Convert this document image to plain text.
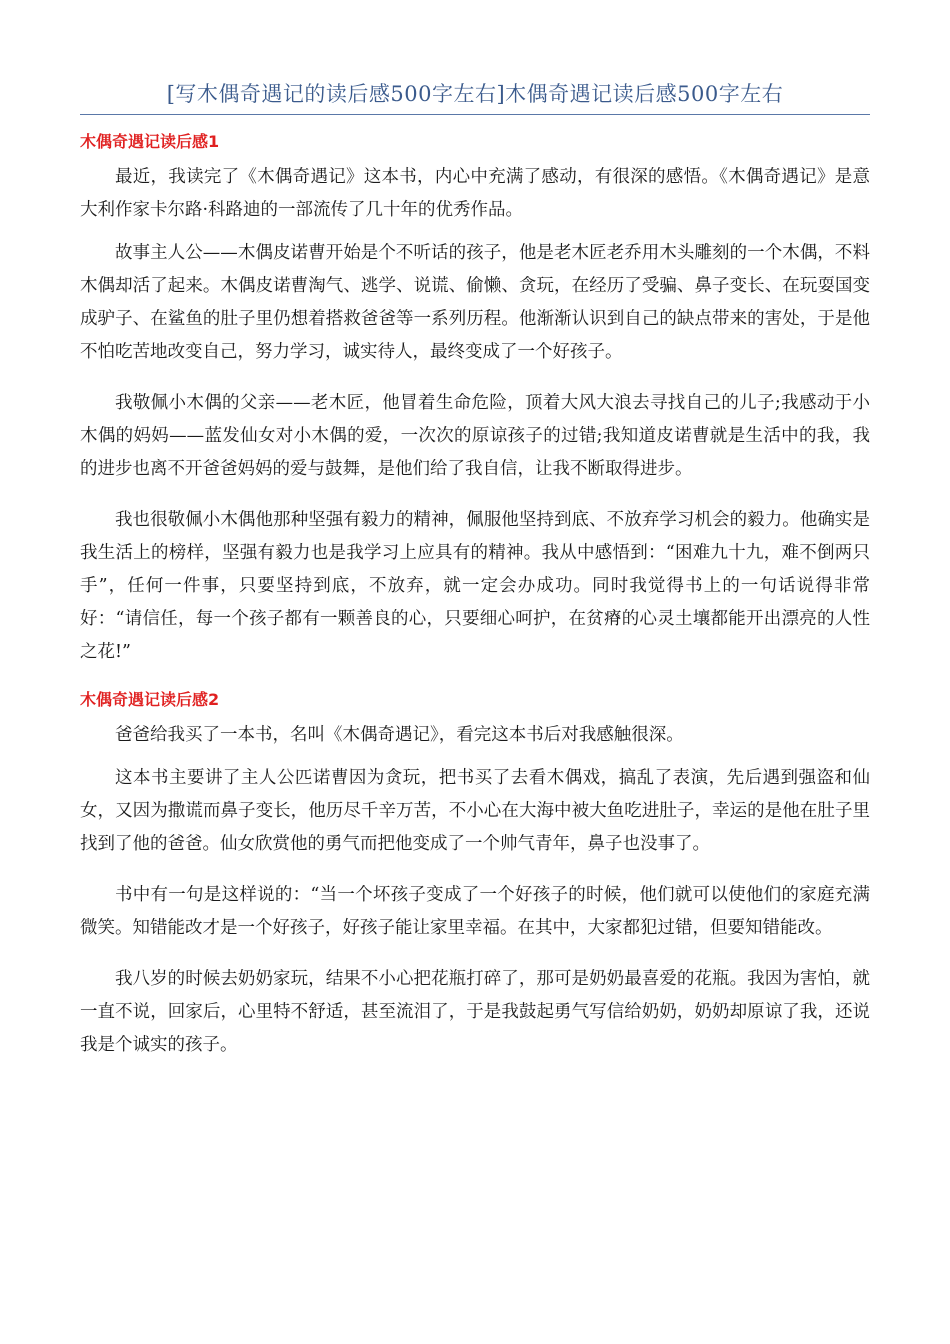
[写木偶奇遇记的读后感500字左右]木偶奇遇记读后感500字左右
木偶奇遇记读后感1

最近，我读完了《木偶奇遇记》这本书，内心中充满了感动，有很深的感悟。《木偶奇遇记》是意大利作家卡尔路·科路迪的一部流传了几十年的优秀作品。

故事主人公——木偶皮诺曹开始是个不听话的孩子，他是老木匠老乔用木头雕刻的一个木偶，不料木偶却活了起来。木偶皮诺曹淘气、逃学、说谎、偷懒、贪玩，在经历了受骗、鼻子变长、在玩耍国变成驴子、在鲨鱼的肚子里仍想着搭救爸爸等一系列历程。他渐渐认识到自己的缺点带来的害处，于是他不怕吃苦地改变自己，努力学习，诚实待人，最终变成了一个好孩子。

我敬佩小木偶的父亲——老木匠，他冒着生命危险，顶着大风大浪去寻找自己的儿子;我感动于小木偶的妈妈——蓝发仙女对小木偶的爱，一次次的原谅孩子的过错;我知道皮诺曹就是生活中的我，我的进步也离不开爸爸妈妈的爱与鼓舞，是他们给了我自信，让我不断取得进步。

我也很敬佩小木偶他那种坚强有毅力的精神，佩服他坚持到底、不放弃学习机会的毅力。他确实是我生活上的榜样，坚强有毅力也是我学习上应具有的精神。我从中感悟到：“困难九十九，难不倒两只手”，任何一件事，只要坚持到底，不放弃，就一定会办成功。同时我觉得书上的一句话说得非常好：“请信任，每一个孩子都有一颗善良的心，只要细心呵护，在贫瘠的心灵土壤都能开出漂亮的人性之花!”

木偶奇遇记读后感2

爸爸给我买了一本书，名叫《木偶奇遇记》，看完这本书后对我感触很深。

这本书主要讲了主人公匹诺曹因为贪玩，把书买了去看木偶戏，搞乱了表演，先后遇到强盗和仙女，又因为撒谎而鼻子变长，他历尽千辛万苦，不小心在大海中被大鱼吃进肚子，幸运的是他在肚子里找到了他的爸爸。仙女欣赏他的勇气而把他变成了一个帅气青年，鼻子也没事了。

书中有一句是这样说的：“当一个坏孩子变成了一个好孩子的时候，他们就可以使他们的家庭充满微笑。知错能改才是一个好孩子，好孩子能让家里幸福。在其中，大家都犯过错，但要知错能改。

我八岁的时候去奶奶家玩，结果不小心把花瓶打碎了，那可是奶奶最喜爱的花瓶。我因为害怕，就一直不说，回家后，心里特不舒适，甚至流泪了，于是我鼓起勇气写信给奶奶，奶奶却原谅了我，还说我是个诚实的孩子。
